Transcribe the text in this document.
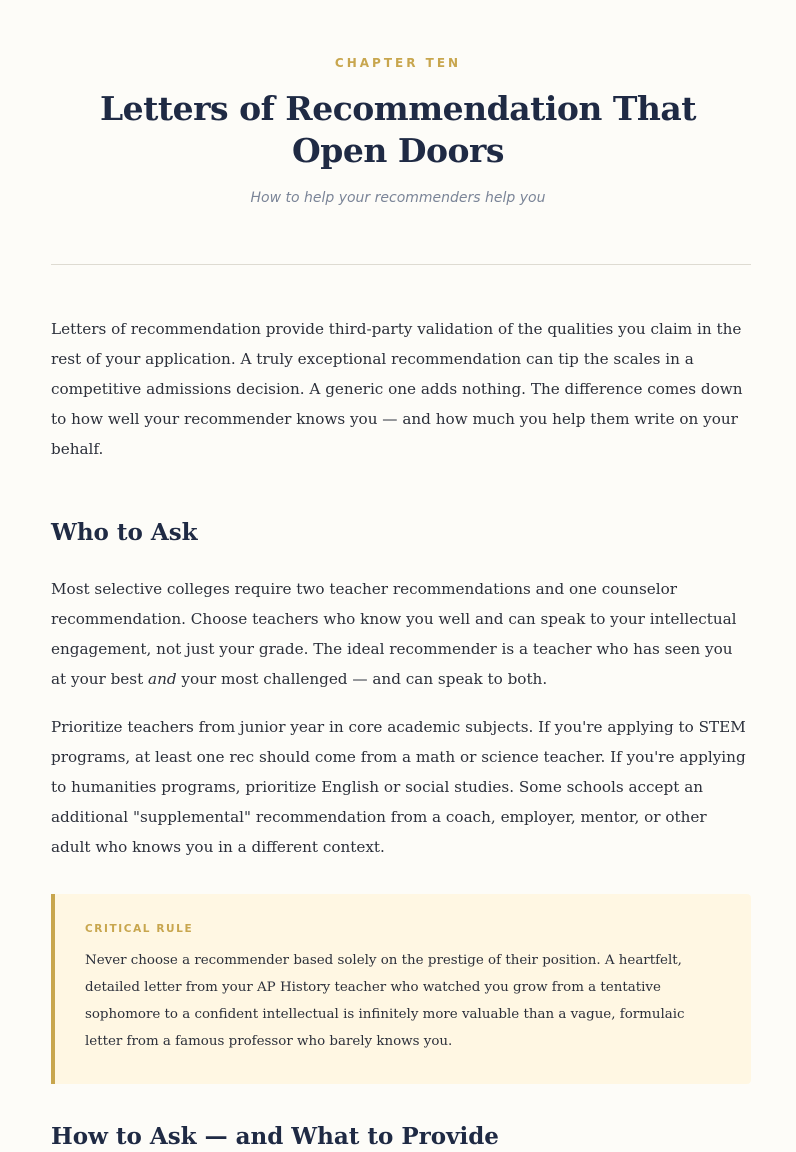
CHAPTER TEN

Letters of Recommendation That Open Doors
How to help your recommenders help you

Letters of recommendation provide third-party validation of the qualities you claim in the rest of your application. A truly exceptional recommendation can tip the scales in a competitive admissions decision. A generic one adds nothing. The difference comes down to how well your recommender knows you — and how much you help them write on your behalf.

Who to Ask

Most selective colleges require two teacher recommendations and one counselor recommendation. Choose teachers who know you well and can speak to your intellectual engagement, not just your grade. The ideal recommender is a teacher who has seen you at your best and your most challenged — and can speak to both.

Prioritize teachers from junior year in core academic subjects. If you're applying to STEM programs, at least one rec should come from a math or science teacher. If you're applying to humanities programs, prioritize English or social studies. Some schools accept an additional "supplemental" recommendation from a coach, employer, mentor, or other adult who knows you in a different context.

CRITICAL RULE

Never choose a recommender based solely on the prestige of their position. A heartfelt, detailed letter from your AP History teacher who watched you grow from a tentative sophomore to a confident intellectual is infinitely more valuable than a vague, formulaic letter from a famous professor who barely knows you.

How to Ask — and What to Provide
